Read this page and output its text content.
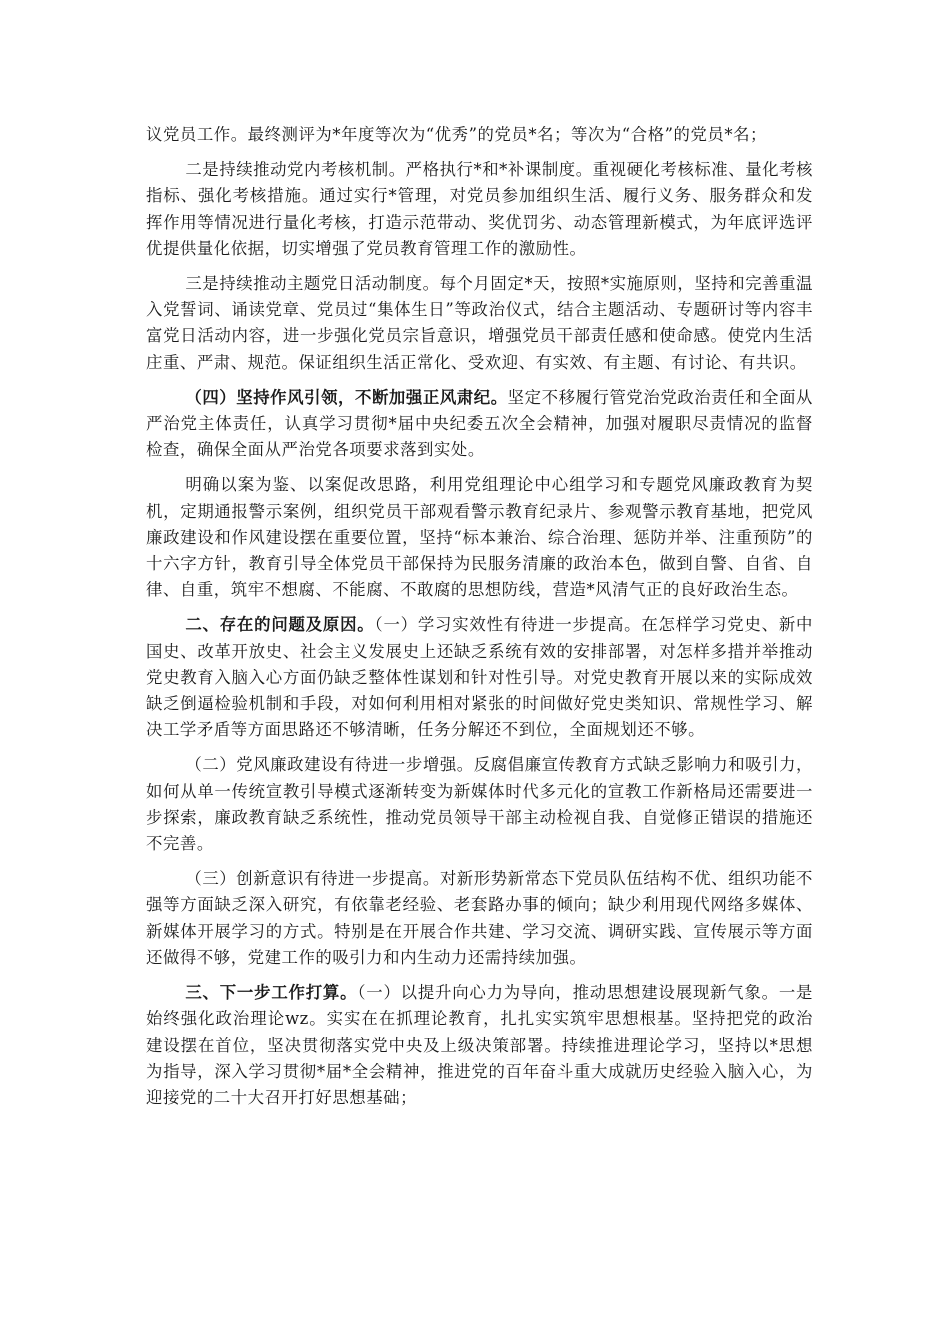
议党员工作。最终测评为*年度等次为“优秀”的党员*名；等次为“合格”的党员*名；

二是持续推动党内考核机制。严格执行*和*补课制度。重视硬化考核标准、量化考核指标、强化考核措施。通过实行*管理，对党员参加组织生活、履行义务、服务群众和发挥作用等情况进行量化考核，打造示范带动、奖优罚劣、动态管理新模式，为年底评选评优提供量化依据，切实增强了党员教育管理工作的激励性。

三是持续推动主题党日活动制度。每个月固定*天，按照*实施原则，坚持和完善重温入党誓词、诵读党章、党员过“集体生日”等政治仪式，结合主题活动、专题研讨等内容丰富党日活动内容，进一步强化党员宗旨意识，增强党员干部责任感和使命感。使党内生活庄重、严肃、规范。保证组织生活正常化、受欢迎、有实效、有主题、有讨论、有共识。

（四）坚持作风引领，不断加强正风肃纪。坚定不移履行管党治党政治责任和全面从严治党主体责任，认真学习贯彻*届中央纪委五次全会精神，加强对履职尽责情况的监督检查，确保全面从严治党各项要求落到实处。

明确以案为鉴、以案促改思路，利用党组理论中心组学习和专题党风廉政教育为契机，定期通报警示案例，组织党员干部观看警示教育纪录片、参观警示教育基地，把党风廉政建设和作风建设摆在重要位置，坚持“标本兼治、综合治理、惩防并举、注重预防”的十六字方针，教育引导全体党员干部保持为民服务清廉的政治本色，做到自警、自省、自律、自重，筑牢不想腐、不能腐、不敢腐的思想防线，营造*风清气正的良好政治生态。

二、存在的问题及原因。（一）学习实效性有待进一步提高。在怎样学习党史、新中国史、改革开放史、社会主义发展史上还缺乏系统有效的安排部署，对怎样多措并举推动党史教育入脑入心方面仍缺乏整体性谋划和针对性引导。对党史教育开展以来的实际成效缺乏倒逼检验机制和手段，对如何利用相对紧张的时间做好党史类知识、常规性学习、解决工学矛盾等方面思路还不够清晰，任务分解还不到位，全面规划还不够。

（二）党风廉政建设有待进一步增强。反腐倡廉宣传教育方式缺乏影响力和吸引力，如何从单一传统宣教引导模式逐渐转变为新媒体时代多元化的宣教工作新格局还需要进一步探索，廉政教育缺乏系统性，推动党员领导干部主动检视自我、自觉修正错误的措施还不完善。

（三）创新意识有待进一步提高。对新形势新常态下党员队伍结构不优、组织功能不强等方面缺乏深入研究，有依靠老经验、老套路办事的倾向；缺少利用现代网络多媒体、新媒体开展学习的方式。特别是在开展合作共建、学习交流、调研实践、宣传展示等方面还做得不够，党建工作的吸引力和内生动力还需持续加强。

三、下一步工作打算。（一）以提升向心力为导向，推动思想建设展现新气象。一是始终强化政治理论wz。实实在在抓理论教育，扎扎实实筑牢思想根基。坚持把党的政治建设摆在首位，坚决贯彻落实党中央及上级决策部署。持续推进理论学习，坚持以*思想为指导，深入学习贯彻*届*全会精神，推进党的百年奋斗重大成就历史经验入脑入心，为迎接党的二十大召开打好思想基础；
